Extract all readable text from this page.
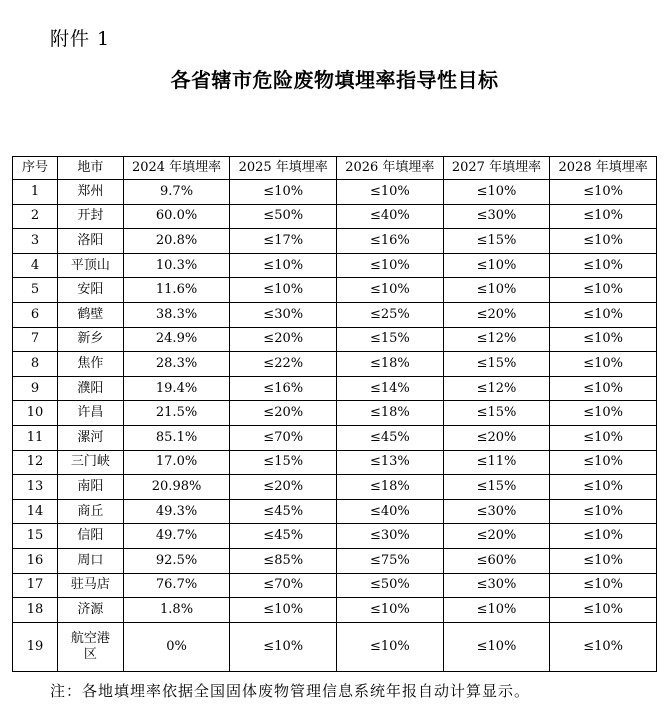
附件 1
各省辖市危险废物填埋率指导性目标
序号	地市	2024 年填埋率	2025 年填埋率	2026 年填埋率	2027 年填埋率	2028 年填埋率
1	郑州	9.7%	≤10%	≤10%	≤10%	≤10%
2	开封	60.0%	≤50%	≤40%	≤30%	≤10%
3	洛阳	20.8%	≤17%	≤16%	≤15%	≤10%
4	平顶山	10.3%	≤10%	≤10%	≤10%	≤10%
5	安阳	11.6%	≤10%	≤10%	≤10%	≤10%
6	鹤壁	38.3%	≤30%	≤25%	≤20%	≤10%
7	新乡	24.9%	≤20%	≤15%	≤12%	≤10%
8	焦作	28.3%	≤22%	≤18%	≤15%	≤10%
9	濮阳	19.4%	≤16%	≤14%	≤12%	≤10%
10	许昌	21.5%	≤20%	≤18%	≤15%	≤10%
11	漯河	85.1%	≤70%	≤45%	≤20%	≤10%
12	三门峡	17.0%	≤15%	≤13%	≤11%	≤10%
13	南阳	20.98%	≤20%	≤18%	≤15%	≤10%
14	商丘	49.3%	≤45%	≤40%	≤30%	≤10%
15	信阳	49.7%	≤45%	≤30%	≤20%	≤10%
16	周口	92.5%	≤85%	≤75%	≤60%	≤10%
17	驻马店	76.7%	≤70%	≤50%	≤30%	≤10%
18	济源	1.8%	≤10%	≤10%	≤10%	≤10%
19	航空港区	0%	≤10%	≤10%	≤10%	≤10%
注：各地填埋率依据全国固体废物管理信息系统年报自动计算显示。
